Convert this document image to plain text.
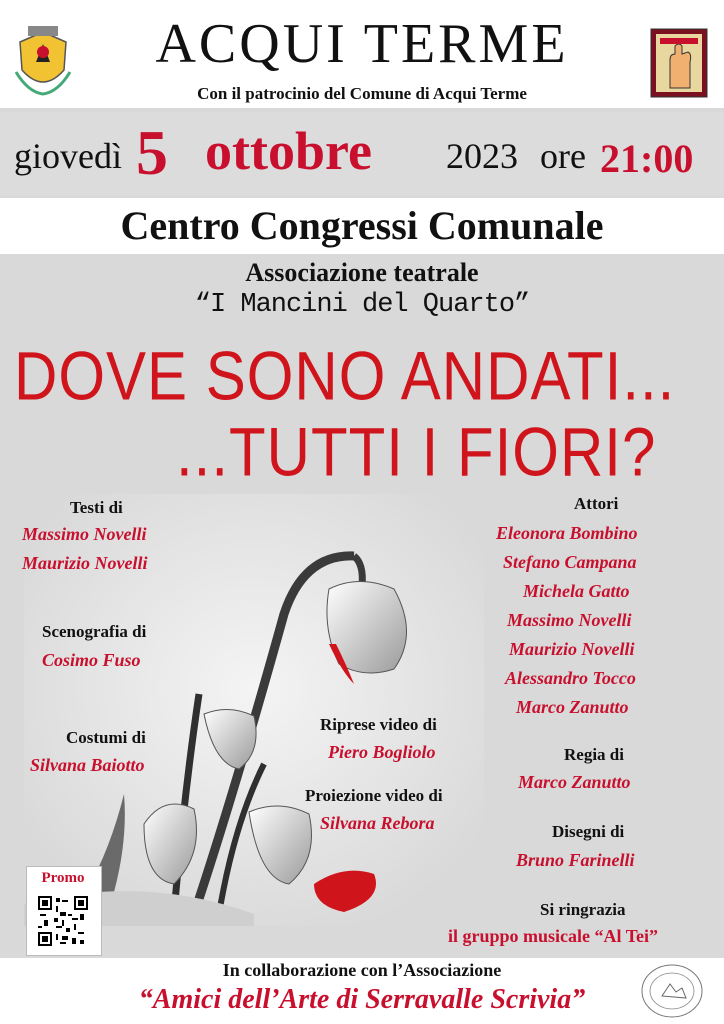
ACQUI TERME
Con il patrocinio del Comune di Acqui Terme
giovedì 5 ottobre 2023 ore 21:00
Centro Congressi Comunale
Associazione teatrale
“I Mancini del Quarto”
DOVE SONO ANDATI...
...TUTTI I FIORI?
Testi di
Massimo Novelli
Maurizio Novelli
Scenografia di
Cosimo Fuso
Costumi di
Silvana Baiotto
Riprese video di
Piero Bogliolo
Proiezione video di
Silvana Rebora
Attori
Regia di
Marco Zanutto
Disegni di
Bruno Farinelli
Si ringrazia
il gruppo musicale “Al Tei”
Promo
In collaborazione con l’Associazione
“Amici dell’Arte di Serravalle Scrivia”
Eleonora Bombino
Stefano Campana
Michela Gatto
Massimo Novelli
Maurizio Novelli
Alessandro Tocco
Marco Zanutto
